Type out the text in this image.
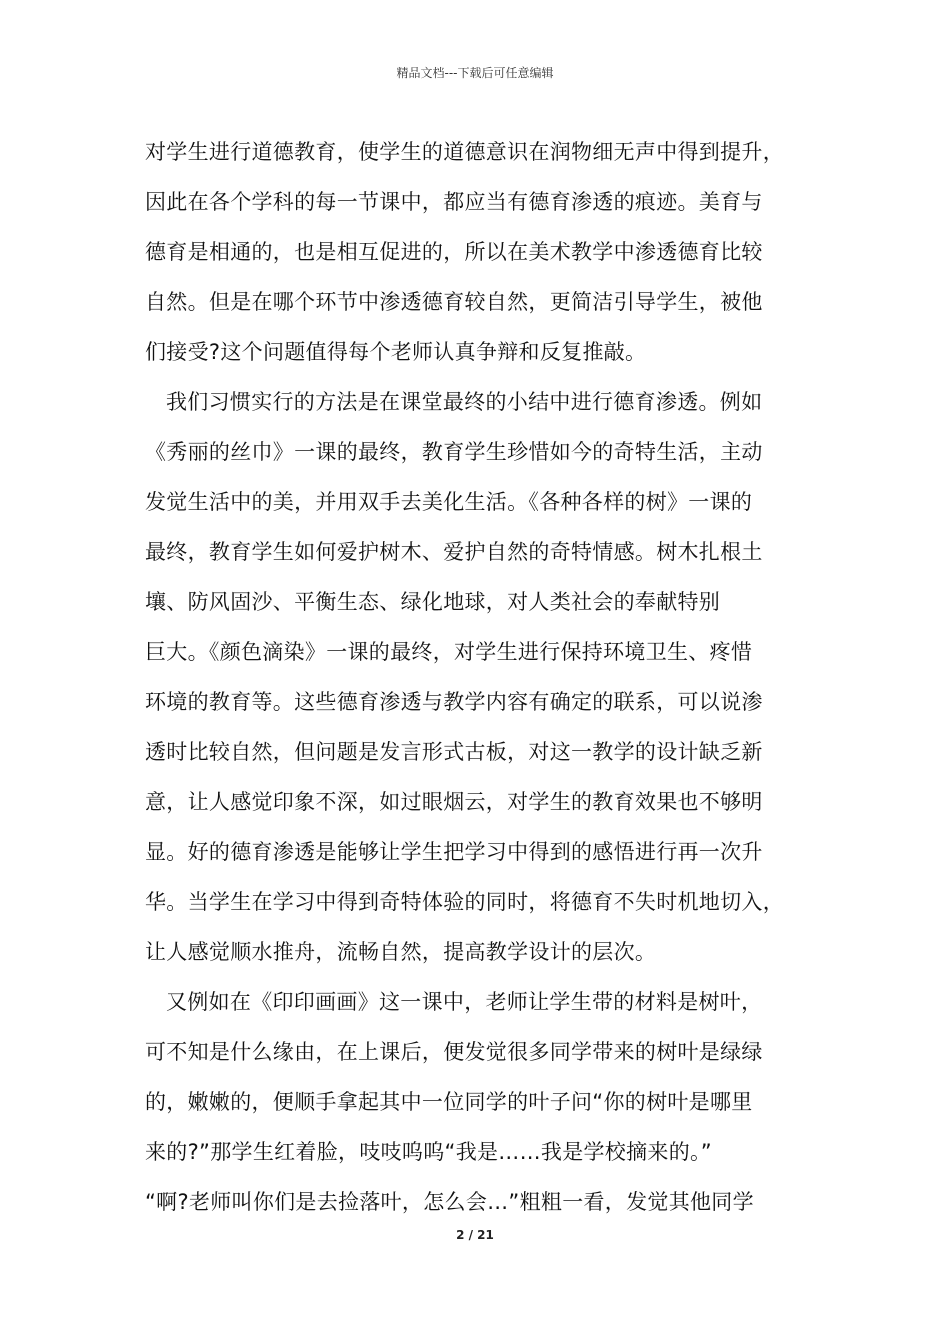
精品文档---下载后可任意编辑
对学生进行道德教育，使学生的道德意识在润物细无声中得到提升，
因此在各个学科的每一节课中，都应当有德育渗透的痕迹。美育与
德育是相通的，也是相互促进的，所以在美术教学中渗透德育比较
自然。但是在哪个环节中渗透德育较自然，更简洁引导学生，被他
们接受?这个问题值得每个老师认真争辩和反复推敲。
我们习惯实行的方法是在课堂最终的小结中进行德育渗透。例如
《秀丽的丝巾》一课的最终，教育学生珍惜如今的奇特生活，主动
发觉生活中的美，并用双手去美化生活。《各种各样的树》一课的
最终，教育学生如何爱护树木、爱护自然的奇特情感。树木扎根土
壤、防风固沙、平衡生态、绿化地球，对人类社会的奉献特别
巨大。《颜色滴染》一课的最终，对学生进行保持环境卫生、疼惜
环境的教育等。这些德育渗透与教学内容有确定的联系，可以说渗
透时比较自然，但问题是发言形式古板，对这一教学的设计缺乏新
意，让人感觉印象不深，如过眼烟云，对学生的教育效果也不够明
显。好的德育渗透是能够让学生把学习中得到的感悟进行再一次升
华。当学生在学习中得到奇特体验的同时，将德育不失时机地切入，
让人感觉顺水推舟，流畅自然，提高教学设计的层次。
又例如在《印印画画》这一课中，老师让学生带的材料是树叶，
可不知是什么缘由，在上课后，便发觉很多同学带来的树叶是绿绿
的，嫩嫩的，便顺手拿起其中一位同学的叶子问“你的树叶是哪里
来的?”那学生红着脸，吱吱呜呜“我是……我是学校摘来的。”
“啊?老师叫你们是去捡落叶，怎么会…”粗粗一看，发觉其他同学
2 / 21
